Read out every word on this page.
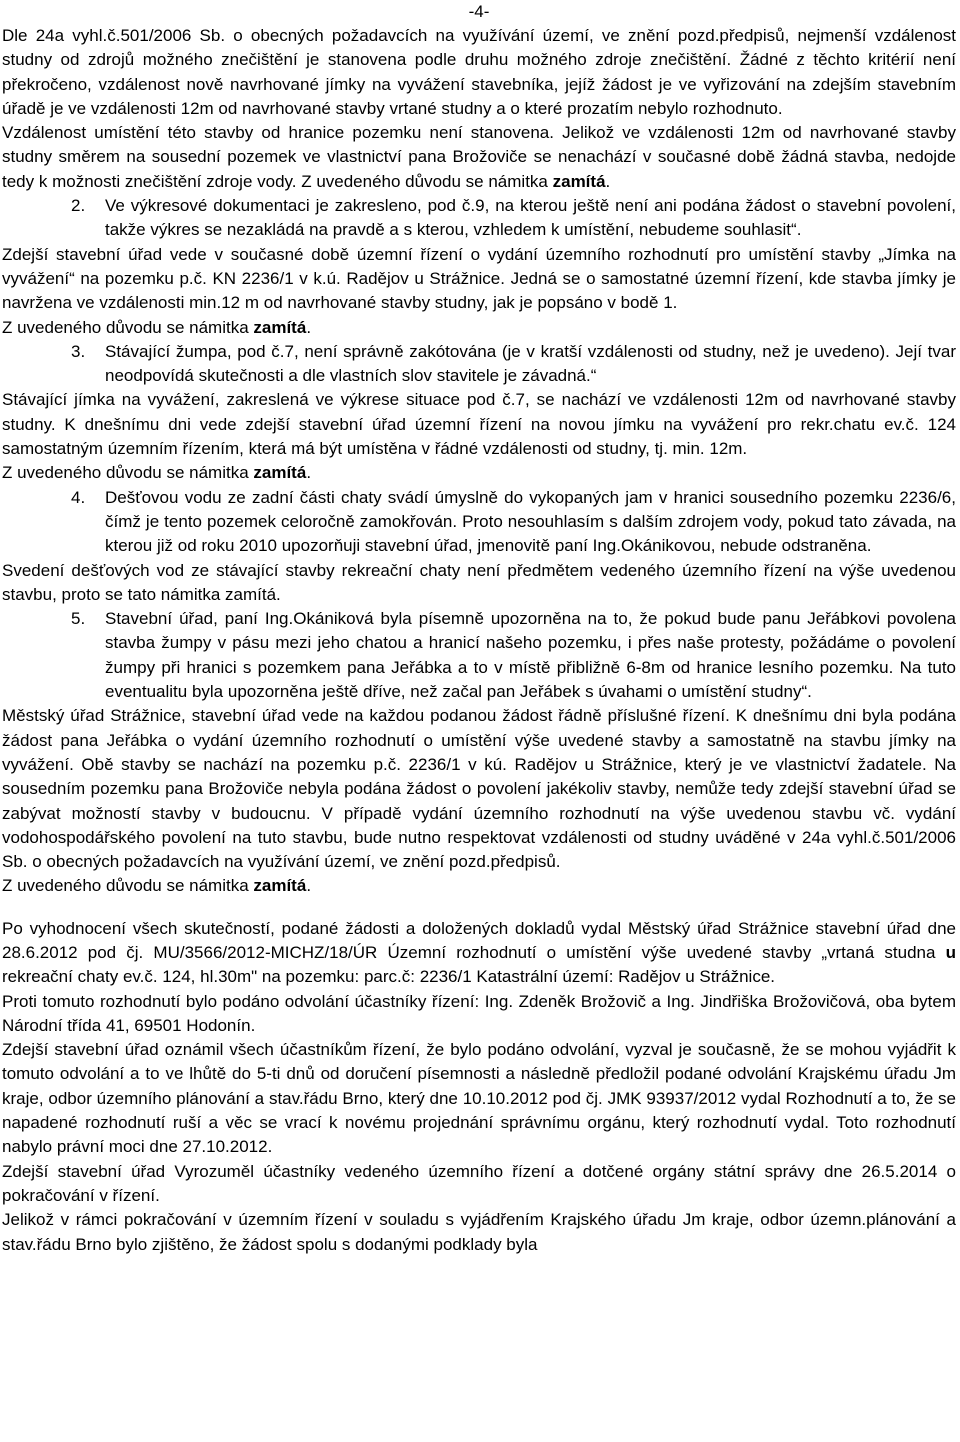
-4-

Dle 24a vyhl.č.501/2006 Sb. o obecných požadavcích na využívání území, ve znění pozd.předpisů, nejmenší vzdálenost studny od zdrojů možného znečištění je stanovena podle druhu možného zdroje znečištění. Žádné z těchto kritérií není překročeno, vzdálenost nově navrhované jímky na vyvážení stavebníka, jejíž žádost je ve vyřizování na zdejším stavebním úřadě je ve vzdálenosti 12m od navrhované stavby vrtané studny a o které prozatím nebylo rozhodnuto.

Vzdálenost umístění této stavby od hranice pozemku není stanovena. Jelikož ve vzdálenosti 12m od navrhované stavby studny směrem na sousední pozemek ve vlastnictví pana Brožoviče se nenachází v současné době žádná stavba, nedojde tedy k možnosti znečištění zdroje vody. Z uvedeného důvodu se námitka zamítá.

2.	Ve výkresové dokumentaci je zakresleno, pod č.9, na kterou ještě není ani podána žádost o stavební povolení, takže výkres se nezakládá na pravdě a s kterou, vzhledem k umístění, nebudeme souhlasit“.

Zdejší stavební úřad vede v současné době územní řízení o vydání územního rozhodnutí pro umístění stavby „Jímka na vyvážení“ na pozemku p.č. KN 2236/1 v k.ú. Radějov u Strážnice. Jedná se o samostatné územní řízení, kde stavba jímky je navržena ve vzdálenosti min.12 m od navrhované stavby studny, jak je popsáno v bodě 1.

Z uvedeného důvodu se námitka zamítá.

3.	Stávající žumpa, pod č.7, není správně zakótována (je v kratší vzdálenosti od studny, než je uvedeno). Její tvar neodpovídá skutečnosti a dle vlastních slov stavitele je závadná.“

Stávající jímka na vyvážení, zakreslená ve výkrese situace pod č.7, se nachází ve vzdálenosti 12m od navrhované stavby studny. K dnešnímu dni vede zdejší stavební úřad územní řízení na novou jímku na vyvážení pro rekr.chatu ev.č. 124 samostatným územním řízením, která má být umístěna v řádné vzdálenosti od studny, tj. min. 12m.

Z uvedeného důvodu se námitka zamítá.

4.	Dešťovou vodu ze zadní části chaty svádí úmyslně do vykopaných jam v hranici sousedního pozemku 2236/6, čímž je tento pozemek celoročně zamokřován. Proto nesouhlasím s dalším zdrojem vody, pokud tato závada, na kterou již od roku 2010 upozorňuji stavební úřad, jmenovitě paní Ing.Okánikovou, nebude odstraněna.

Svedení dešťových vod ze stávající stavby rekreační chaty není předmětem vedeného územního řízení na výše uvedenou stavbu, proto se tato námitka zamítá.

5.	Stavební úřad, paní Ing.Okániková byla písemně upozorněna na to, že pokud bude panu Jeřábkovi povolena stavba žumpy v pásu mezi jeho chatou a hranicí našeho pozemku, i přes naše protesty, požádáme o povolení žumpy při hranici s pozemkem pana Jeřábka a to v místě přibližně 6-8m od hranice lesního pozemku. Na tuto eventualitu byla upozorněna ještě dříve, než začal pan Jeřábek s úvahami o umístění studny“.

Městský úřad Strážnice, stavební úřad vede na každou podanou žádost řádně příslušné řízení. K dnešnímu dni byla podána žádost pana Jeřábka o vydání územního rozhodnutí o umístění výše uvedené stavby a samostatně na stavbu jímky na vyvážení. Obě stavby se nachází na pozemku p.č. 2236/1 v kú. Radějov u Strážnice, který je ve vlastnictví žadatele. Na sousedním pozemku pana Brožoviče nebyla podána žádost o povolení jakékoliv stavby, nemůže tedy zdejší stavební úřad se zabývat možností stavby v budoucnu. V případě vydání územního rozhodnutí na výše uvedenou stavbu vč. vydání vodohospodářského povolení na tuto stavbu, bude nutno respektovat vzdálenosti od studny uváděné v 24a vyhl.č.501/2006 Sb. o obecných požadavcích na využívání území, ve znění pozd.předpisů.

Z uvedeného důvodu se námitka zamítá.

Po vyhodnocení všech skutečností, podané žádosti a doložených dokladů vydal Městský úřad Strážnice stavební úřad dne 28.6.2012 pod čj. MU/3566/2012-MICHZ/18/ÚR Územní rozhodnutí o umístění výše uvedené stavby „vrtaná studna u rekreační chaty ev.č. 124, hl.30m" na pozemku: parc.č: 2236/1 Katastrální území: Radějov u Strážnice.

Proti tomuto rozhodnutí bylo podáno odvolání účastníky řízení: Ing. Zdeněk Brožovič a Ing. Jindřiška Brožovičová, oba bytem Národní třída 41, 69501 Hodonín.

Zdejší stavební úřad oznámil všech účastníkům řízení, že bylo podáno odvolání, vyzval je současně, že se mohou vyjádřit k tomuto odvolání a to ve lhůtě do 5-ti dnů od doručení písemnosti a následně předložil podané odvolání Krajskému úřadu Jm kraje, odbor územního plánování a stav.řádu Brno, který dne 10.10.2012 pod čj. JMK 93937/2012 vydal Rozhodnutí a to, že se napadené rozhodnutí ruší a věc se vrací k novému projednání správnímu orgánu, který rozhodnutí vydal. Toto rozhodnutí nabylo právní moci dne 27.10.2012.

Zdejší stavební úřad Vyrozuměl účastníky vedeného územního řízení a dotčené orgány státní správy dne 26.5.2014 o pokračování v řízení.

Jelikož v rámci pokračování v územním řízení v souladu s vyjádřením Krajského úřadu Jm kraje, odbor územn.plánování a stav.řádu Brno bylo zjištěno, že žádost spolu s dodanými podklady byla
